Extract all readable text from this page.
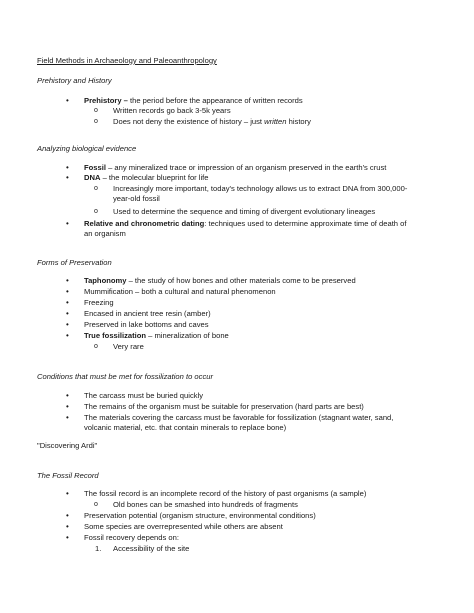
Field Methods in Archaeology and Paleoanthropology
Prehistory and History
• Prehistory – the period before the appearance of written records
o Written records go back 3-5k years
o Does not deny the existence of history – just written history
Analyzing biological evidence
• Fossil – any mineralized trace or impression of an organism preserved in the earth's crust
• DNA – the molecular blueprint for life
o Increasingly more important, today's technology allows us to extract DNA from 300,000-
year-old fossil
o Used to determine the sequence and timing of divergent evolutionary lineages
• Relative and chronometric dating: techniques used to determine approximate time of death of
an organism
Forms of Preservation
• Taphonomy – the study of how bones and other materials come to be preserved
• Mummification – both a cultural and natural phenomenon
• Freezing
• Encased in ancient tree resin (amber)
• Preserved in lake bottoms and caves
• True fossilization – mineralization of bone
o Very rare
Conditions that must be met for fossilization to occur
• The carcass must be buried quickly
• The remains of the organism must be suitable for preservation (hard parts are best)
• The materials covering the carcass must be favorable for fossilization (stagnant water, sand,
volcanic material, etc. that contain minerals to replace bone)
"Discovering Ardi"
The Fossil Record
• The fossil record is an incomplete record of the history of past organisms (a sample)
o Old bones can be smashed into hundreds of fragments
• Preservation potential (organism structure, environmental conditions)
• Some species are overrepresented while others are absent
• Fossil recovery depends on:
1. Accessibility of the site
